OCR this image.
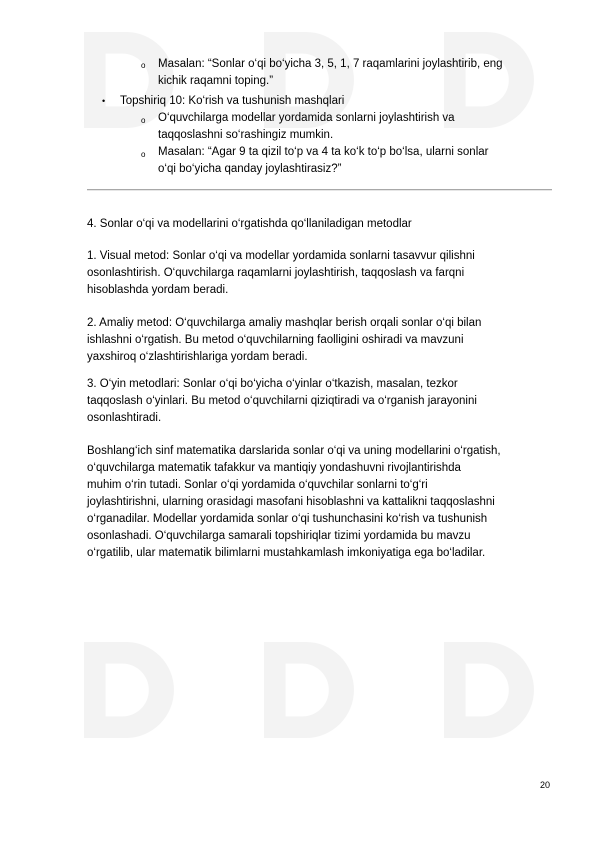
o Masalan: “Sonlar o‘qi bo‘yicha 3, 5, 1, 7 raqamlarini joylashtirib, eng
kichik raqamni toping.”
• Topshiriq 10: Ko‘rish va tushunish mashqlari
o O‘quvchilarga modellar yordamida sonlarni joylashtirish va
taqqoslashni so‘rashingiz mumkin.
o Masalan: “Agar 9 ta qizil to‘p va 4 ta ko‘k to‘p bo‘lsa, ularni sonlar
o‘qi bo‘yicha qanday joylashtirasiz?”
4. Sonlar o‘qi va modellarini o‘rgatishda qo‘llaniladigan metodlar
1. Visual metod: Sonlar o‘qi va modellar yordamida sonlarni tasavvur qilishni
osonlashtirish. O‘quvchilarga raqamlarni joylashtirish, taqqoslash va farqni
hisoblashda yordam beradi.
2. Amaliy metod: O‘quvchilarga amaliy mashqlar berish orqali sonlar o‘qi bilan
ishlashni o‘rgatish. Bu metod o‘quvchilarning faolligini oshiradi va mavzuni
yaxshiroq o‘zlashtirishlariga yordam beradi.
3. O‘yin metodlari: Sonlar o‘qi bo‘yicha o‘yinlar o‘tkazish, masalan, tezkor
taqqoslash o‘yinlari. Bu metod o‘quvchilarni qiziqtiradi va o‘rganish jarayonini
osonlashtiradi.
Boshlang‘ich sinf matematika darslarida sonlar o‘qi va uning modellarini o‘rgatish,
o‘quvchilarga matematik tafakkur va mantiqiy yondashuvni rivojlantirishda
muhim o‘rin tutadi. Sonlar o‘qi yordamida o‘quvchilar sonlarni to‘g‘ri
joylashtirishni, ularning orasidagi masofani hisoblashni va kattalikni taqqoslashni
o‘rganadilar. Modellar yordamida sonlar o‘qi tushunchasini ko‘rish va tushunish
osonlashadi. O‘quvchilarga samarali topshiriqlar tizimi yordamida bu mavzu
o‘rgatilib, ular matematik bilimlarni mustahkamlash imkoniyatiga ega bo‘ladilar.
20
